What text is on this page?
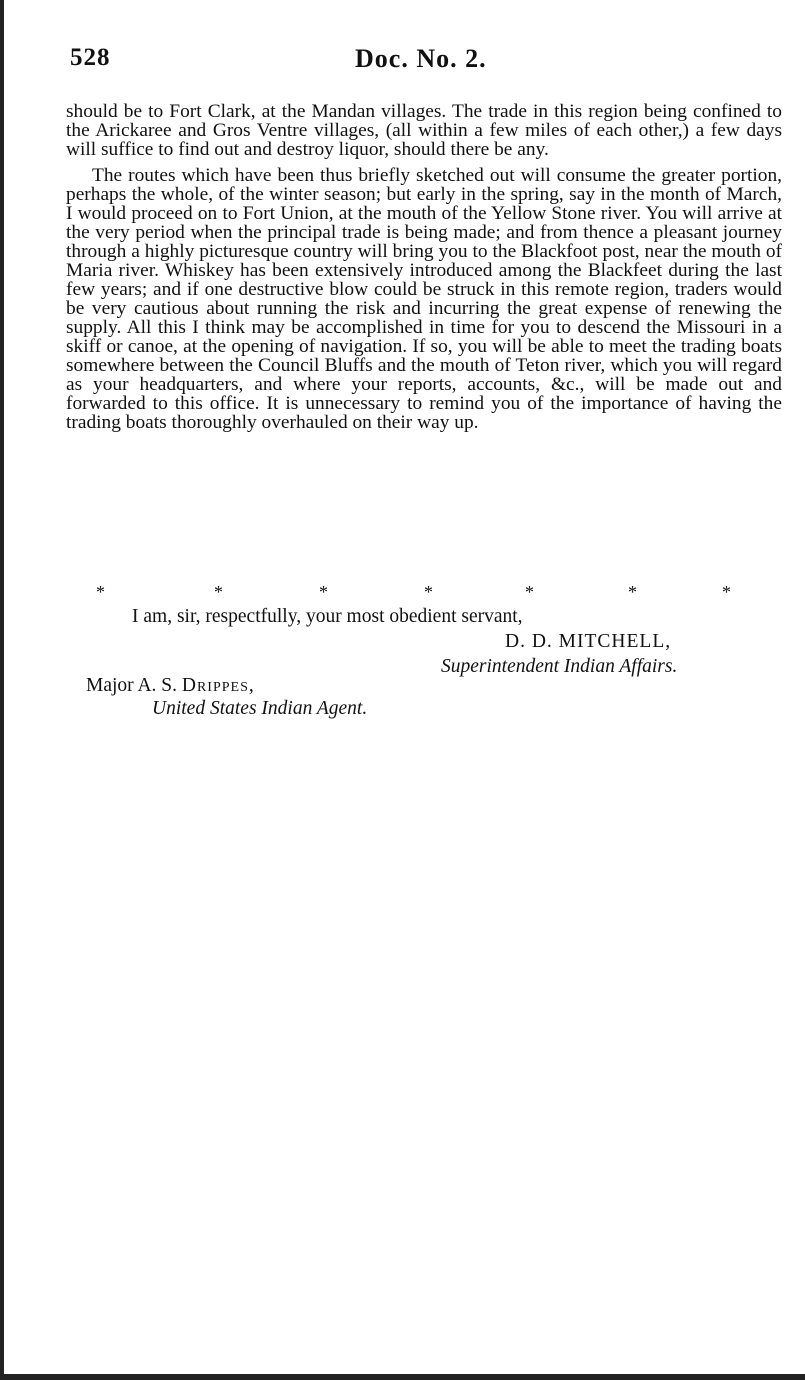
528	Doc. No. 2.

should be to Fort Clark, at the Mandan villages. The trade in this region being confined to the Arickaree and Gros Ventre villages, (all within a few miles of each other,) a few days will suffice to find out and destroy liquor, should there be any.

The routes which have been thus briefly sketched out will consume the greater portion, perhaps the whole, of the winter season; but early in the spring, say in the month of March, I would proceed on to Fort Union, at the mouth of the Yellow Stone river. You will arrive at the very period when the principal trade is being made; and from thence a pleasant journey through a highly picturesque country will bring you to the Blackfoot post, near the mouth of Maria river. Whiskey has been extensively introduced among the Blackfeet during the last few years; and if one destructive blow could be struck in this remote region, traders would be very cautious about running the risk and incurring the great expense of renewing the supply. All this I think may be accomplished in time for you to descend the Missouri in a skiff or canoe, at the opening of navigation. If so, you will be able to meet the trading boats somewhere between the Council Bluffs and the mouth of Teton river, which you will regard as your headquarters, and where your reports, accounts, &c., will be made out and forwarded to this office. It is unnecessary to remind you of the importance of having the trading boats thoroughly overhauled on their way up.

*	*	*	*	*	*	*
I am, sir, respectfully, your most obedient servant,
D. D. MITCHELL,
Superintendent Indian Affairs.
Major A. S. Drippes,
United States Indian Agent.
